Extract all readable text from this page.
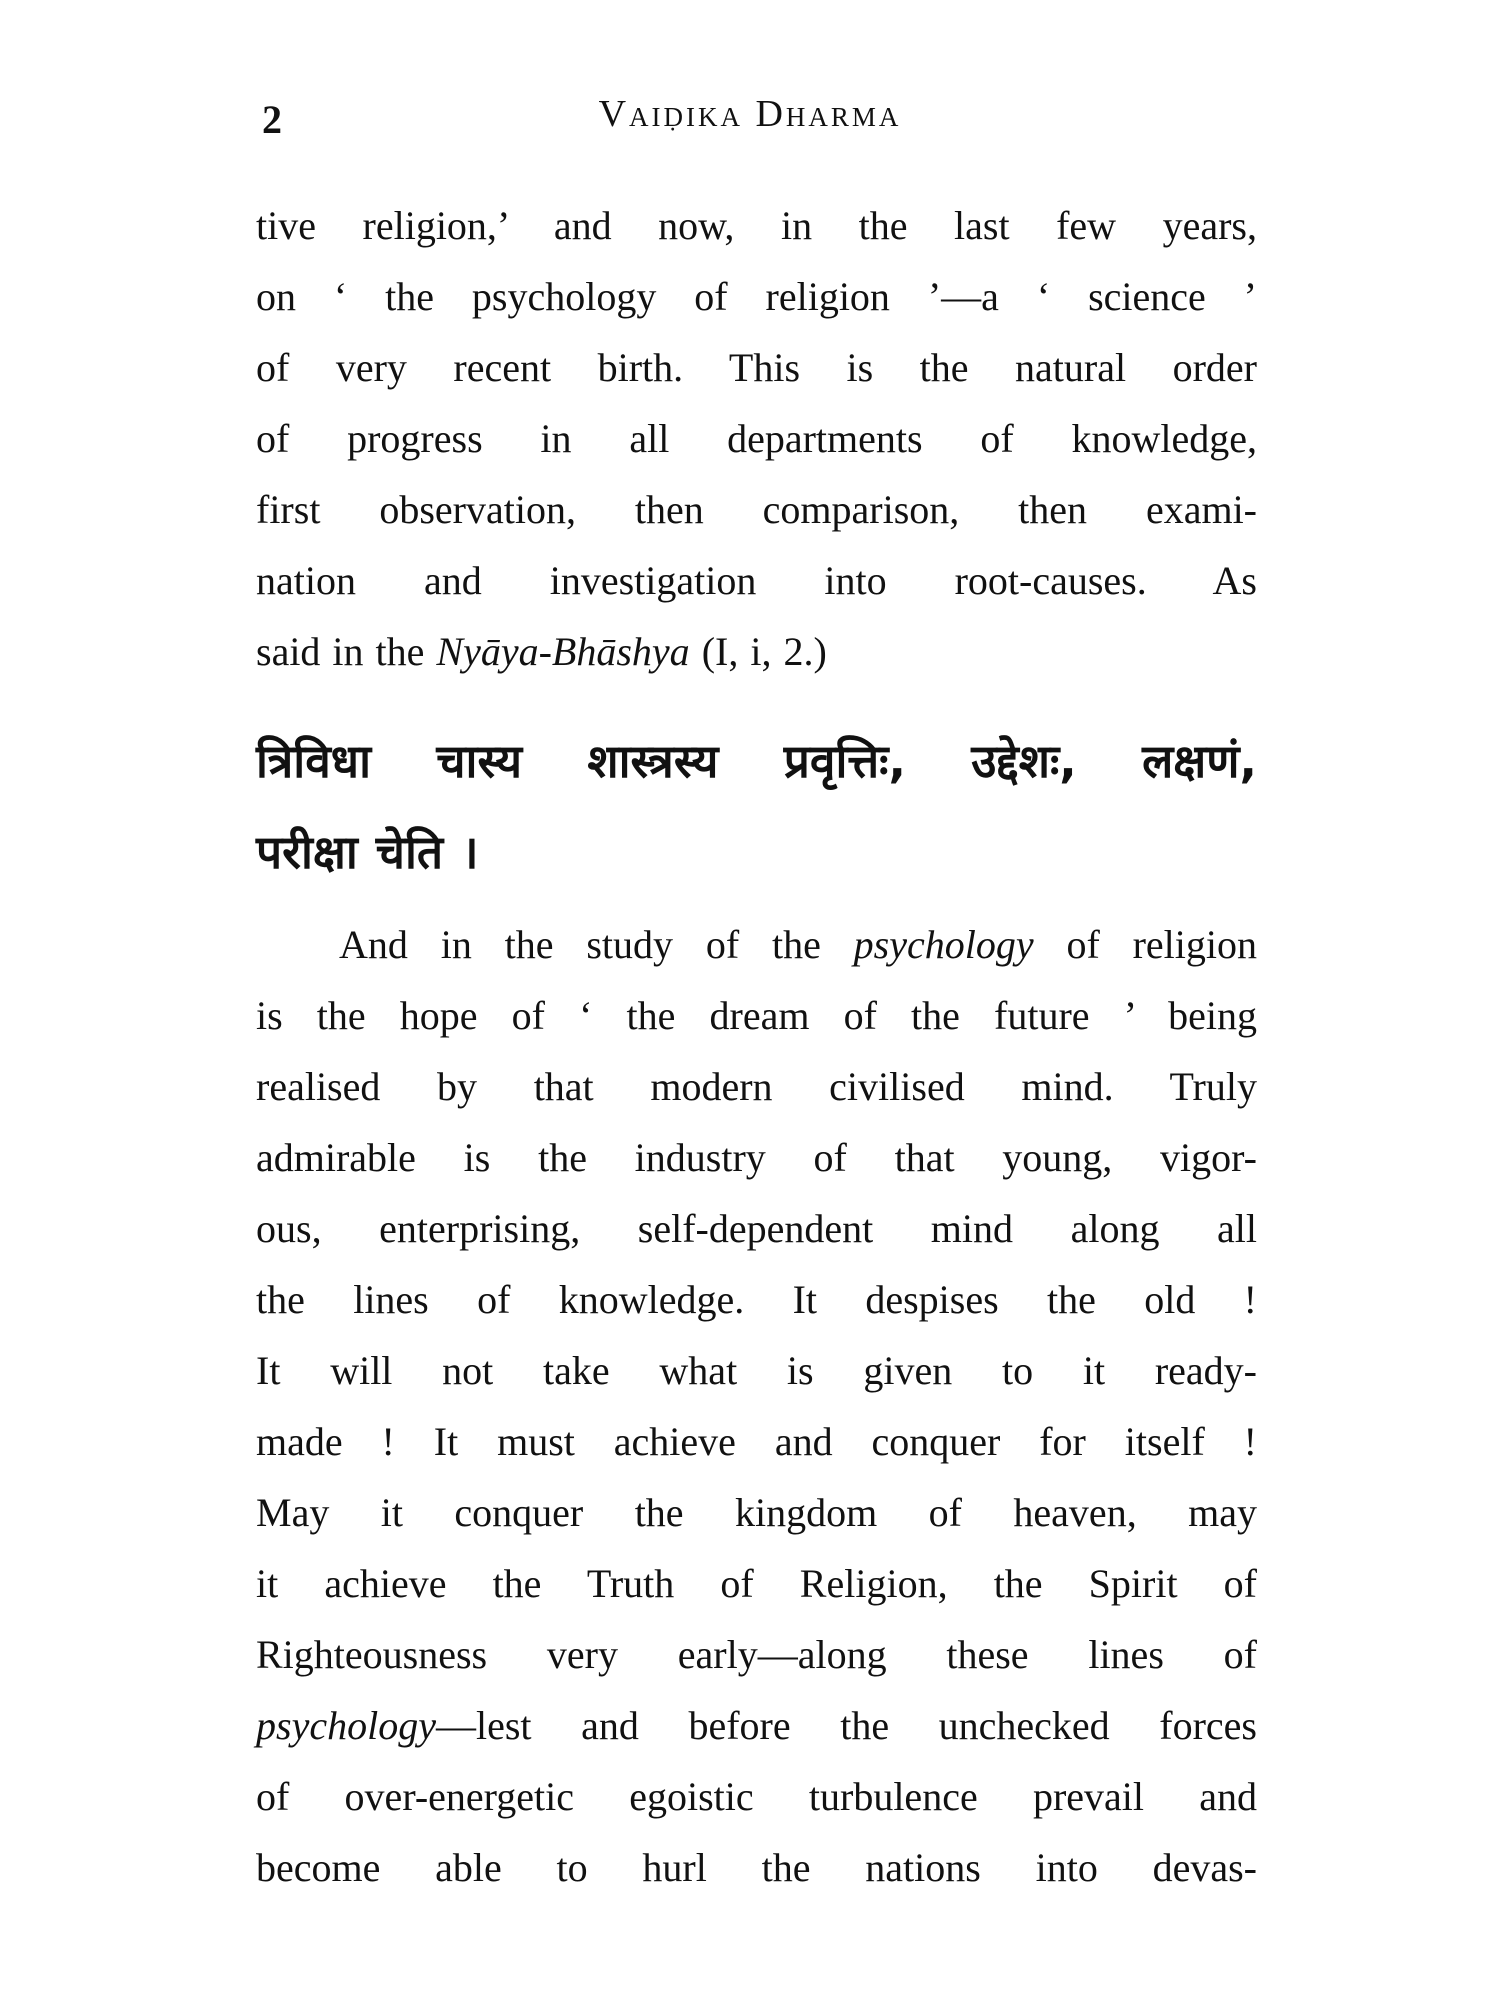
2	Vaiḍika Dharma
tive religion,’ and now, in the last few years,
on ‘ the psychology of religion ’—a ‘ science ’
of very recent birth. This is the natural order
of progress in all departments of knowledge,
first observation, then comparison, then exami-
nation and investigation into root-causes. As
said in the Nyāya-Bhāshya (I, i, 2.)
त्रिविधा चास्य शास्त्रस्य प्रवृत्तिः, उद्देशः, लक्षणं,
परीक्षा चेति ।
And in the study of the psychology of religion
is the hope of ‘ the dream of the future ’ being
realised by that modern civilised mind. Truly
admirable is the industry of that young, vigor-
ous, enterprising, self-dependent mind along all
the lines of knowledge. It despises the old !
It will not take what is given to it ready-
made ! It must achieve and conquer for itself !
May it conquer the kingdom of heaven, may
it achieve the Truth of Religion, the Spirit of
Righteousness very early—along these lines of
psychology—lest and before the unchecked forces
of over-energetic egoistic turbulence prevail and
become able to hurl the nations into devas-
